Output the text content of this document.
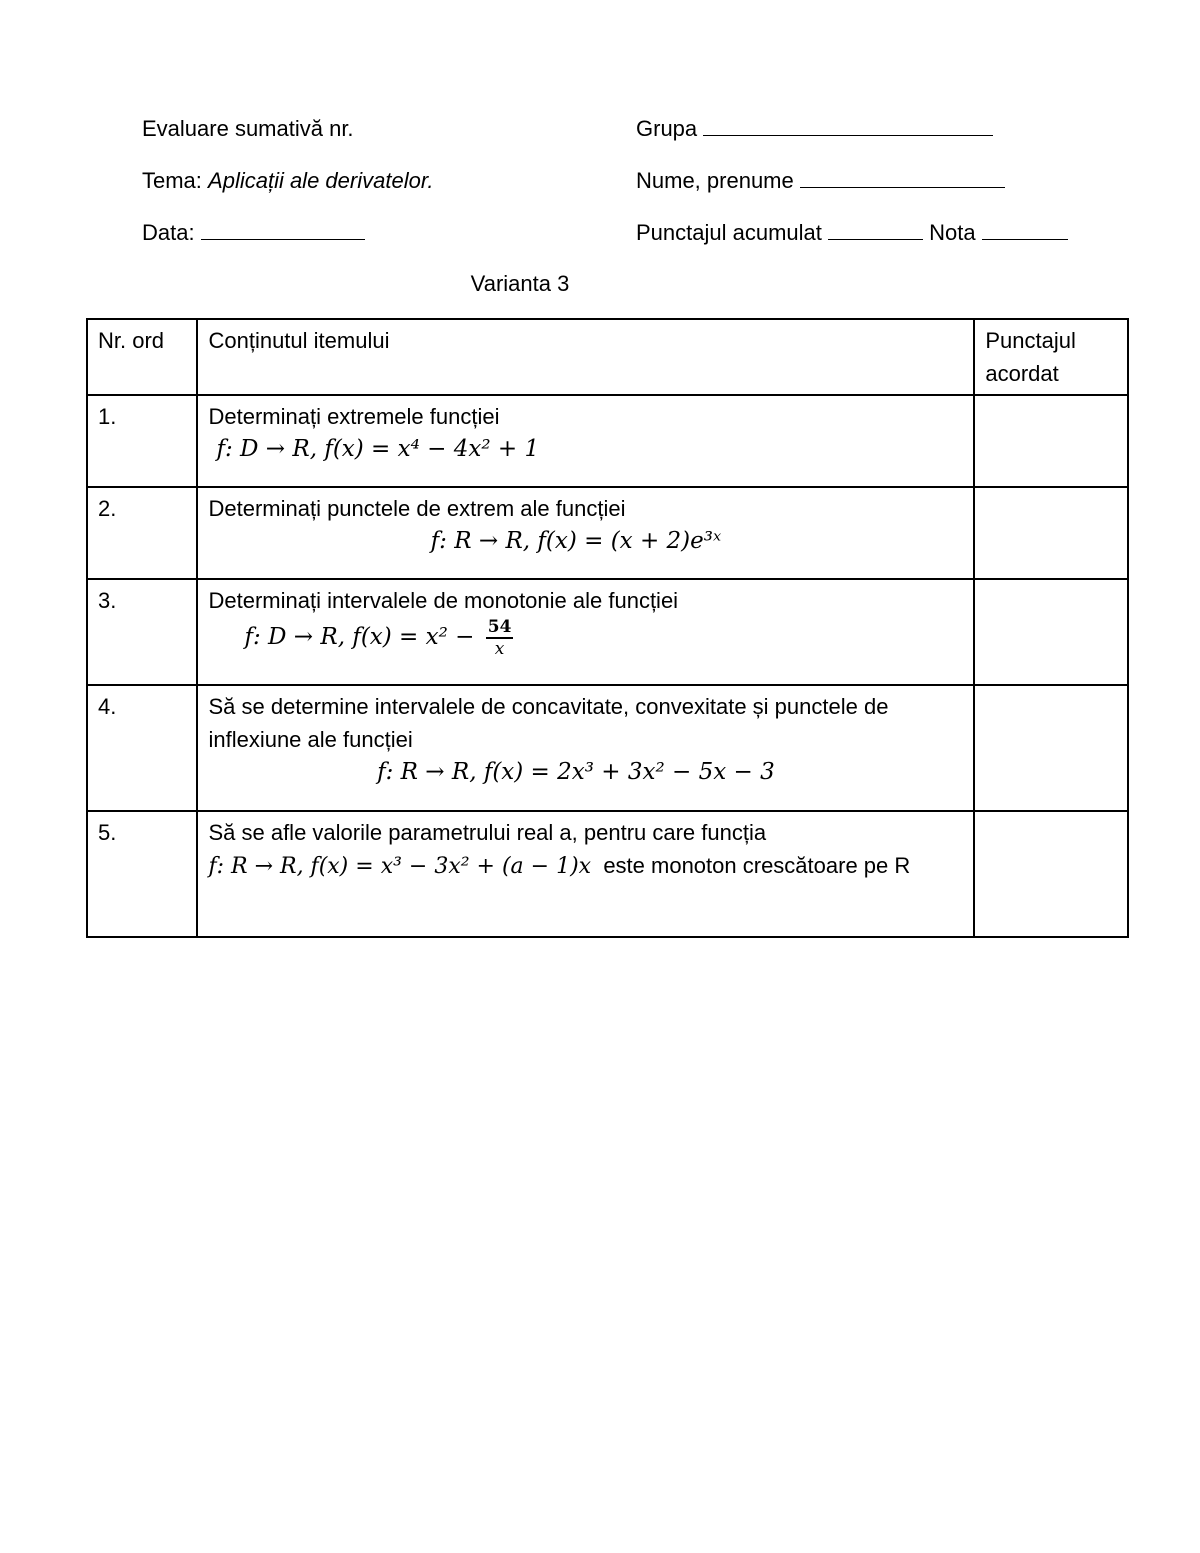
Evaluare sumativă nr.
Tema: Aplicații ale derivatelor.
Data:
Grupa
Nume, prenume
Punctajul acumulat	Nota
Varianta 3
Nr. ord	Conținutul itemului	Punctajul
acordat
1.	Determinați extremele funcției
f: D → R, f(x) = x⁴ − 4x² + 1	

2.	Determinați punctele de extrem ale funcției
f: R → R, f(x) = (x + 2)e³ˣ	

3.	Determinați intervalele de monotonie ale funcției
f: D → R, $f(x) = x^2 - \frac{54}{x}$

4.	Să se determine intervalele de concavitate, convexitate și punctele de inflexiune ale funcției
f: R → R, f(x) = 2x³ + 3x² − 5x − 3	

5.	Să se afle valorile parametrului real a, pentru care funcția
f: R → R, f(x) = x³ − 3x² + (a − 1)x  este monoton crescătoare pe R	
